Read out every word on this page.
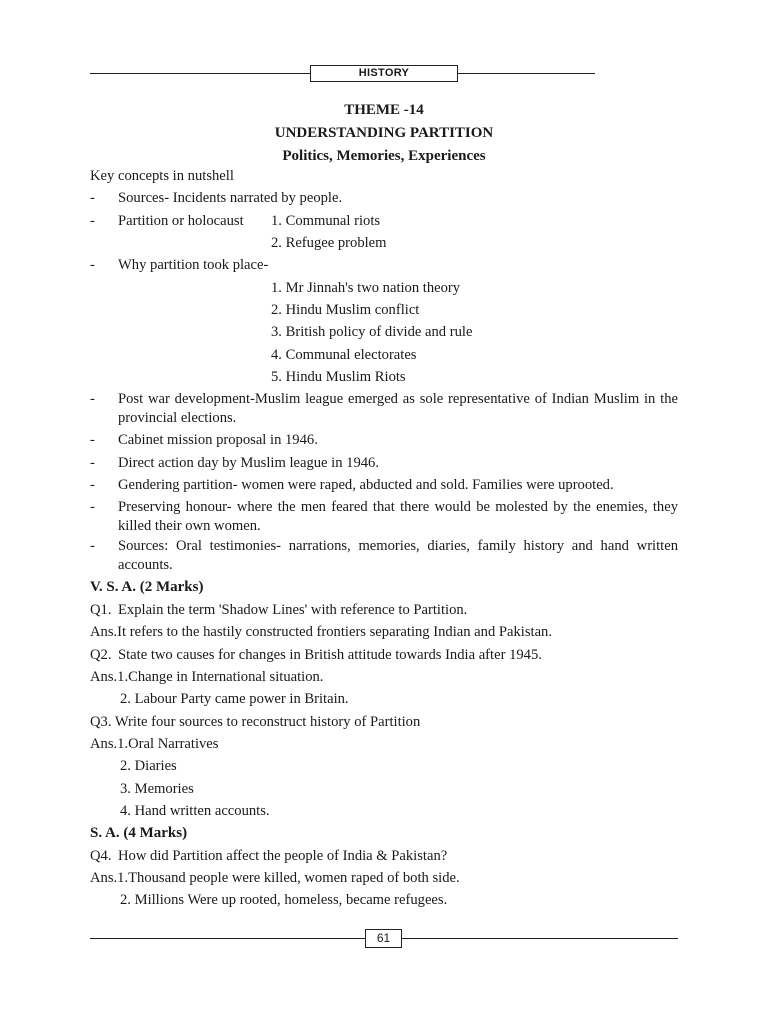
HISTORY
THEME -14
UNDERSTANDING PARTITION
Politics, Memories, Experiences
Key concepts in nutshell
- Sources- Incidents narrated by people.
- Partition or holocaust 1. Communal riots
2. Refugee problem
- Why partition took place-
1. Mr Jinnah's two nation theory
2. Hindu Muslim conflict
3. British policy of divide and rule
4. Communal electorates
5. Hindu Muslim Riots
- Post war development-Muslim league emerged as sole representative of Indian Muslim in the provincial elections.
- Cabinet mission proposal in 1946.
- Direct action day by Muslim league in 1946.
- Gendering partition- women were raped, abducted and sold. Families were uprooted.
- Preserving honour- where the men feared that there would be molested by the enemies, they killed their own women.
- Sources: Oral testimonies- narrations, memories, diaries, family history and hand written accounts.
V. S. A. (2 Marks)
Q1. Explain the term 'Shadow Lines' with reference to Partition.
Ans.It refers to the hastily constructed frontiers separating Indian and Pakistan.
Q2. State two causes for changes in British attitude towards India after 1945.
Ans.1.Change in International situation.
2. Labour Party came power in Britain.
Q3. Write four sources to reconstruct history of Partition
Ans.1.Oral Narratives
2. Diaries
3. Memories
4. Hand written accounts.
S. A. (4 Marks)
Q4. How did Partition affect the people of India & Pakistan?
Ans.1.Thousand people were killed, women raped of both side.
2. Millions Were up rooted, homeless, became refugees.
61
